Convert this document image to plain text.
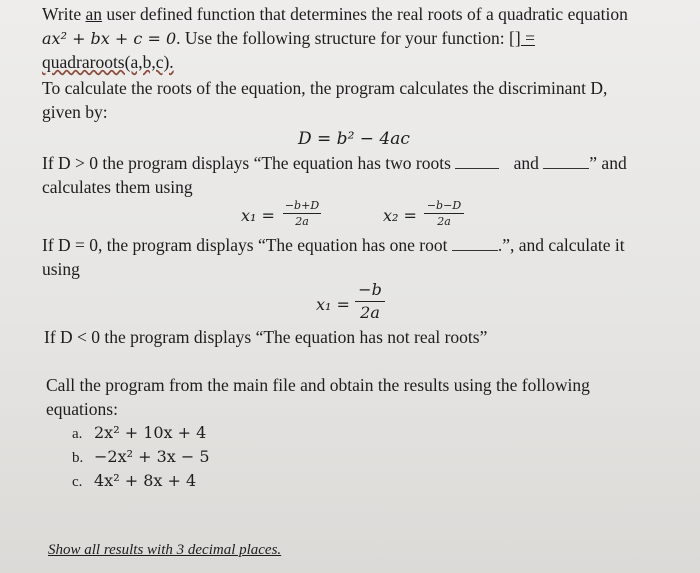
Write an user defined function that determines the real roots of a quadratic equation
ax² + bx + c = 0. Use the following structure for your function: [] =
quadraroots(a,b,c).
To calculate the roots of the equation, the program calculates the discriminant D,
given by:
D = b² − 4ac
If D > 0 the program displays “The equation has two roots	and	” and
calculates them using
x₁ =
−b+D
2a	x₂ =
−b−D
2a
If D = 0, the program displays “The equation has one root	.”, and calculate it
using
x₁ =
−b
2a
If D < 0 the program displays “The equation has not real roots”
Call the program from the main file and obtain the results using the following
equations:
a. 2x² + 10x + 4
b. −2x² + 3x − 5
c. 4x² + 8x + 4
Show all results with 3 decimal places.
